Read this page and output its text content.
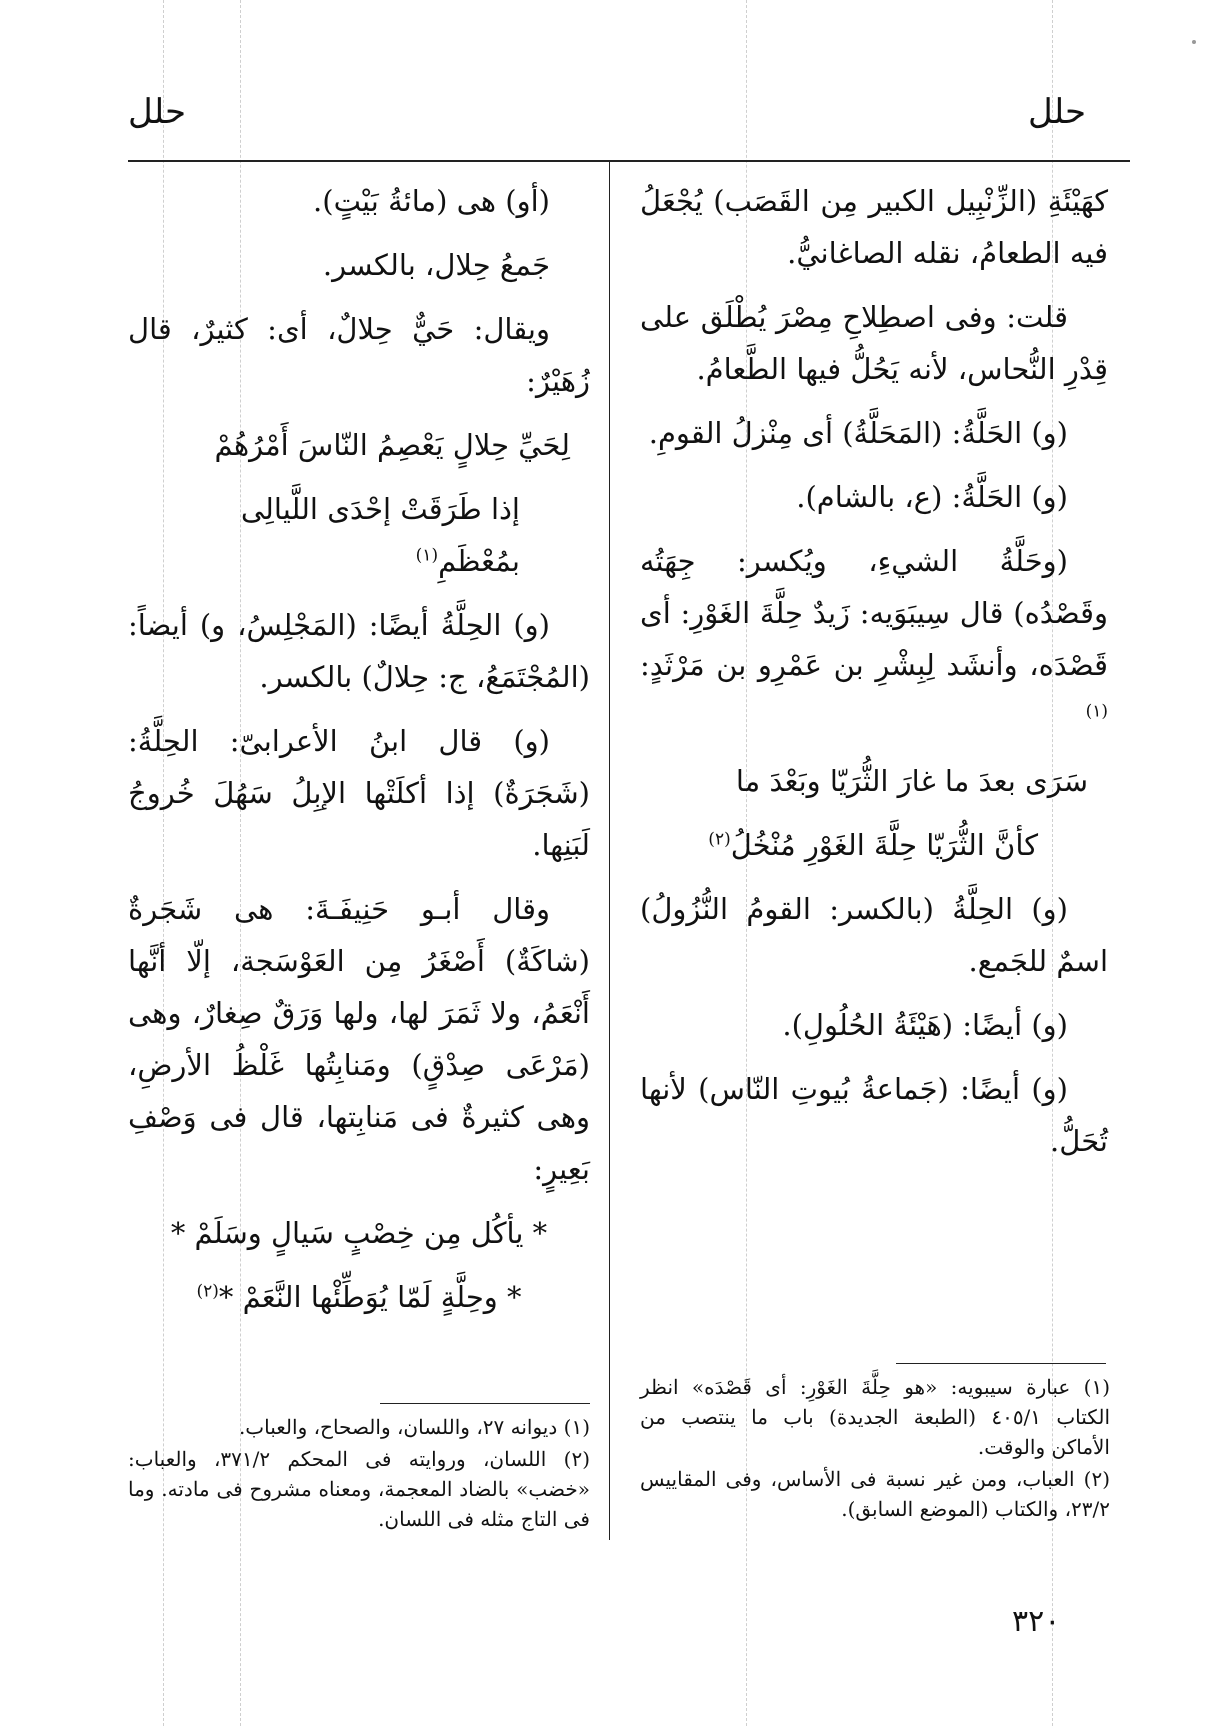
حلل	حلل

كهَيْئَةِ (الزِّنْبِيل الكبير مِن القَصَب) يُجْعَلُ فيه الطعامُ، نقله الصاغانيُّ.

قلت: وفى اصطِلاحِ مِصْرَ يُطْلَق على قِدْرِ النُّحاس، لأنه يَحُلُّ فيها الطَّعامُ.

(و) الحَلَّةُ: (المَحَلَّةُ) أى مِنْزلُ القومِ.

(و) الحَلَّةُ: (ع، بالشام).

(وحَلَّةُ الشيءِ، ويُكسر: جِهَتُه وقَصْدُه) قال سِيبَوَيه: زَيدٌ حِلَّةَ الغَوْرِ: أى قَصْدَه، وأنشَد لِبِشْرِ بن عَمْرِو بن مَرْثَدٍ:$^{(١)}$

سَرَى بعدَ ما غارَ الثُّرَيّا وبَعْدَ ما

كأنَّ الثُّرَيّا حِلَّةَ الغَوْرِ مُنْخُلُ$^{(٢)}$

(و) الحِلَّةُ (بالكسر: القومُ النُّزُولُ) اسمٌ للجَمع.

(و) أيضًا: (هَيْئَةُ الحُلُولِ).

(و) أيضًا: (جَماعةُ بُيوتِ النّاس) لأنها تُحَلُّ.

(١) عبارة سيبويه: «هو حِلَّةَ الغَوْرِ: أى قَصْدَه» انظر الكتاب ٤٠٥/١ (الطبعة الجديدة) باب ما ينتصب من الأماكن والوقت.

(٢) العباب، ومن غير نسبة فى الأساس، وفى المقاييس ٢٣/٢، والكتاب (الموضع السابق).

(أو) هى (مائةُ بَيْتٍ).

جَمعُ حِلال، بالكسر.

ويقال: حَيٌّ حِلالٌ، أى: كثيرٌ، قال زُهَيْرٌ:

لِحَيِّ حِلالٍ يَعْصِمُ النّاسَ أَمْرُهُمْ

إذا طَرَقَتْ إحْدَى اللَّيالِى بمُعْظَمِ$^{(١)}$

(و) الحِلَّةُ أيضًا: (المَجْلِسُ، و) أيضاً: (المُجْتَمَعُ، ج: حِلالٌ) بالكسر.

(و) قال ابنُ الأعرابىّ: الحِلَّةُ: (شَجَرَةٌ) إذا أكلَتْها الإبِلُ سَهُلَ خُروجُ لَبَنِها.

وقال أبـو حَنِيفَـةَ: هى شَجَرةٌ (شاكَةٌ) أَصْغَرُ مِن العَوْسَجة، إلّا أنَّها أَنْعَمُ، ولا ثَمَرَ لها، ولها وَرَقٌ صِغارٌ، وهى (مَرْعَى صِدْقٍ) ومَنابِتُها غَلْظُ الأرضِ، وهى كثيرةٌ فى مَنابِتها، قال فى وَصْفِ بَعِيرٍ:

* يأكُل مِن خِصْبٍ سَيالٍ وسَلَمْ *

* وحِلَّةٍ لَمّا يُوَطِّئْها النَّعَمْ *$^{(٢)}$

(١) ديوانه ٢٧، واللسان، والصحاح، والعباب.

(٢) اللسان، وروايته فى المحكم ٣٧١/٢، والعباب: «خضب» بالضاد المعجمة، ومعناه مشروح فى مادته. وما فى التاج مثله فى اللسان.

٣٢٠
